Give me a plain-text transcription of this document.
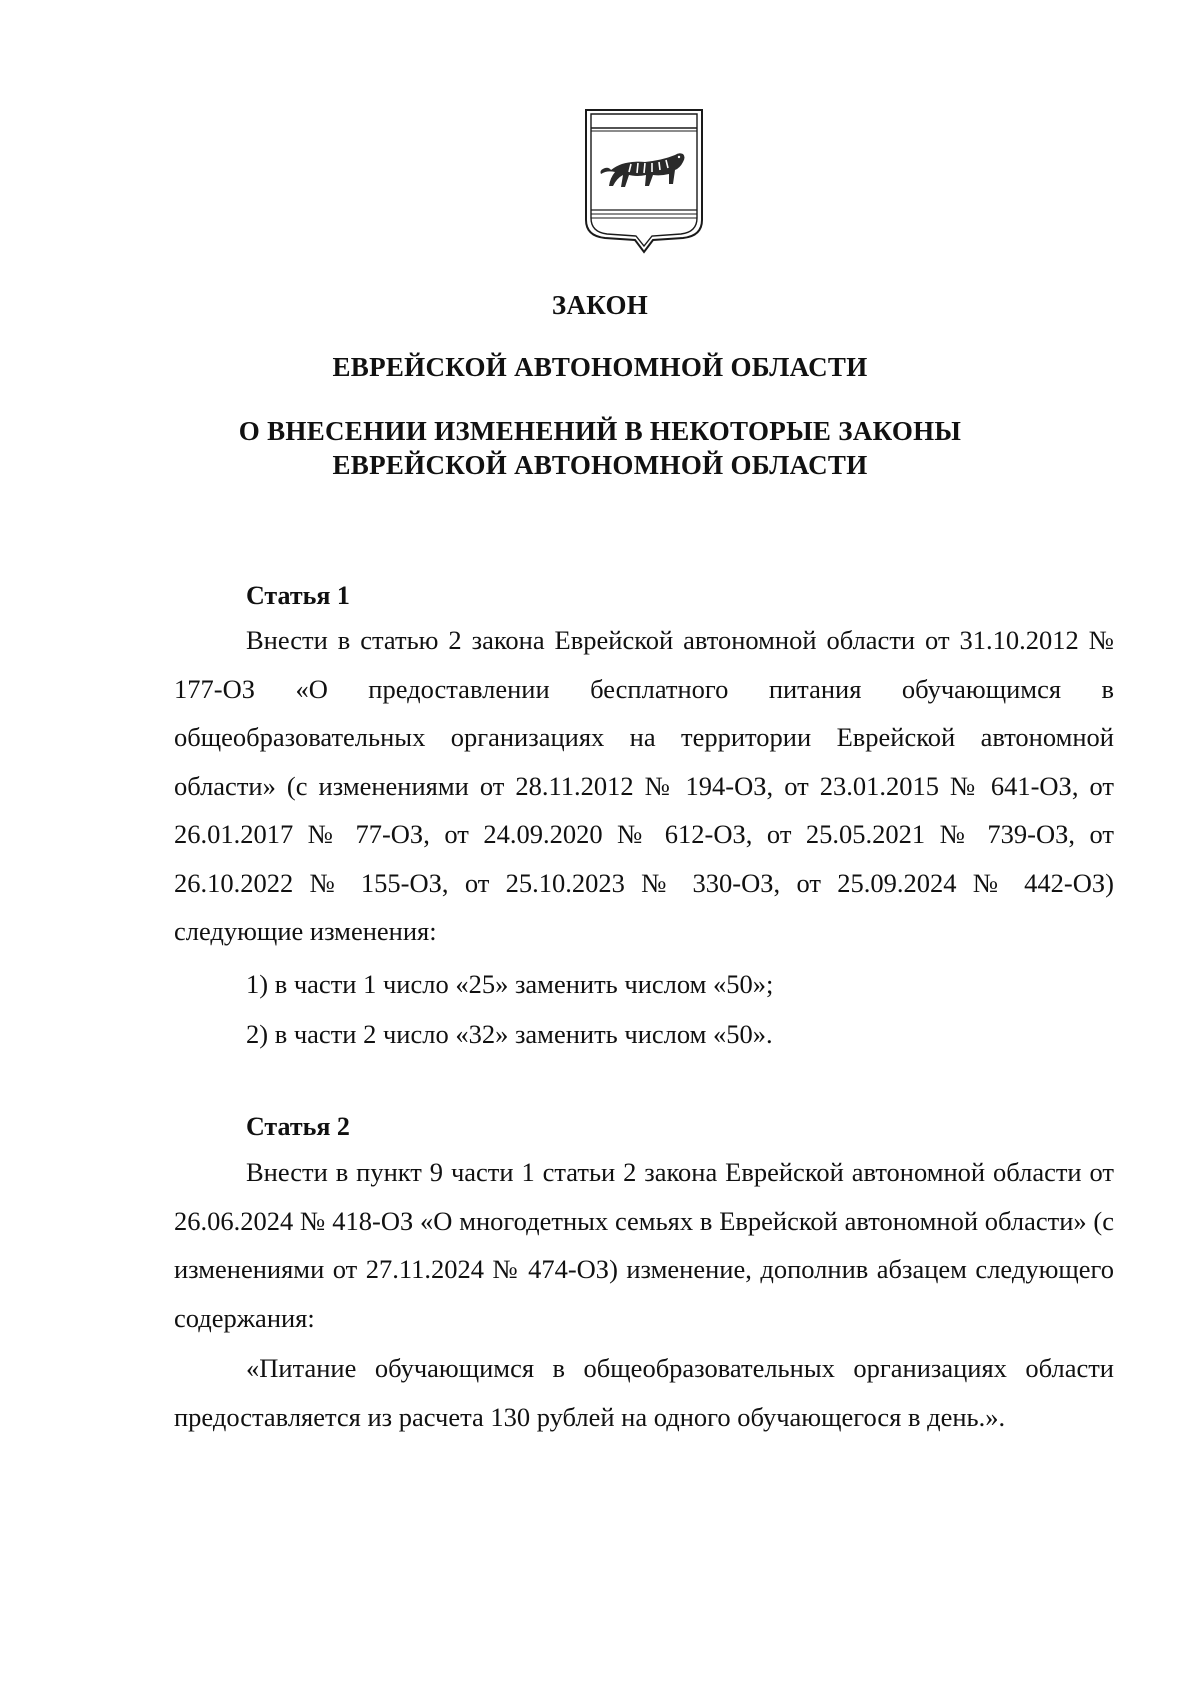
ЗАКОН

ЕВРЕЙСКОЙ АВТОНОМНОЙ ОБЛАСТИ

О ВНЕСЕНИИ ИЗМЕНЕНИЙ В НЕКОТОРЫЕ ЗАКОНЫ
ЕВРЕЙСКОЙ АВТОНОМНОЙ ОБЛАСТИ

Статья 1

Внести в статью 2 закона Еврейской автономной области от 31.10.2012 № 177-ОЗ «О предоставлении бесплатного питания обучающимся в общеобразовательных организациях на территории Еврейской автономной области» (с изменениями от 28.11.2012 № 194-ОЗ, от 23.01.2015 № 641-ОЗ, от 26.01.2017 № 77-ОЗ, от 24.09.2020 № 612-ОЗ, от 25.05.2021 № 739-ОЗ, от 26.10.2022 № 155-ОЗ, от 25.10.2023 № 330-ОЗ, от 25.09.2024 № 442-ОЗ) следующие изменения:

1) в части 1 число «25» заменить числом «50»;

2) в части 2 число «32» заменить числом «50».

Статья 2

Внести в пункт 9 части 1 статьи 2 закона Еврейской автономной области от 26.06.2024 № 418-ОЗ «О многодетных семьях в Еврейской автономной области» (с изменениями от 27.11.2024 № 474-ОЗ) изменение, дополнив абзацем следующего содержания:

«Питание обучающимся в общеобразовательных организациях области предоставляется из расчета 130 рублей на одного обучающегося в день.».
